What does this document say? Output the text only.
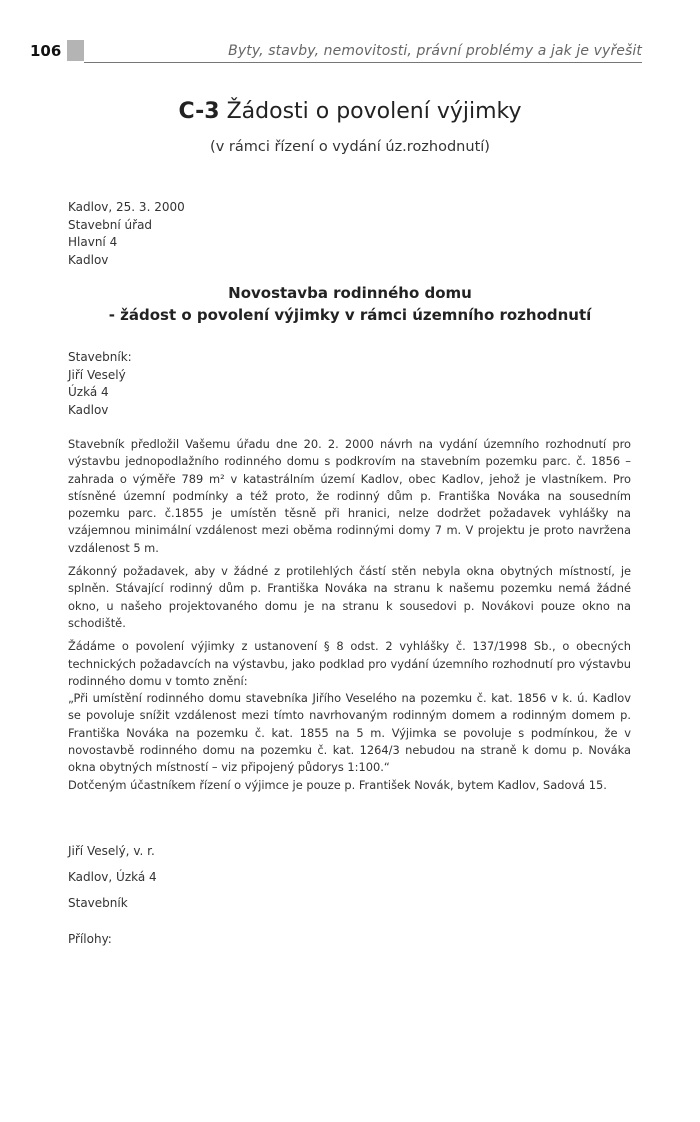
106	Byty, stavby, nemovitosti, právní problémy a jak je vyřešit
C-3 Žádosti o povolení výjimky
(v rámci řízení o vydání úz.rozhodnutí)
Kadlov, 25. 3. 2000
Stavební úřad
Hlavní 4
Kadlov
Novostavba rodinného domu
- žádost o povolení výjimky v rámci územního rozhodnutí
Stavebník:
Jiří Veselý
Úzká 4
Kadlov

Stavebník předložil Vašemu úřadu dne 20. 2. 2000 návrh na vydání územního rozhodnutí pro výstavbu jednopodlažního rodinného domu s podkrovím na stavebním pozemku parc. č. 1856 – zahrada o výměře 789 m² v katastrálním území Kadlov, obec Kadlov, jehož je vlastníkem. Pro stísněné územní podmínky a též proto, že rodinný dům p. Františka Nováka na sousedním pozemku parc. č.1855 je umístěn těsně při hranici, nelze dodržet požadavek vyhlášky na vzájemnou minimální vzdálenost mezi oběma rodinnými domy 7 m. V projektu je proto navržena vzdálenost 5 m.

Zákonný požadavek, aby v žádné z protilehlých částí stěn nebyla okna obytných místností, je splněn. Stávající rodinný dům p. Františka Nováka na stranu k našemu pozemku nemá žádné okno, u našeho projektovaného domu je na stranu k sousedovi p. Novákovi pouze okno na schodiště.

Žádáme o povolení výjimky z ustanovení § 8 odst. 2 vyhlášky č. 137/1998 Sb., o obecných technických požadavcích na výstavbu, jako podklad pro vydání územního rozhodnutí pro výstavbu rodinného domu v tomto znění:

„Při umístění rodinného domu stavebníka Jiřího Veselého na pozemku č. kat. 1856 v k. ú. Kadlov se povoluje snížit vzdálenost mezi tímto navrhovaným rodinným domem a rodinným domem p. Františka Nováka na pozemku č. kat. 1855 na 5 m. Výjimka se povoluje s podmínkou, že v novostavbě rodinného domu na pozemku č. kat. 1264/3 nebudou na straně k domu p. Nováka okna obytných místností – viz připojený půdorys 1:100.“

Dotčeným účastníkem řízení o výjimce je pouze p. František Novák, bytem Kadlov, Sadová 15.

Jiří Veselý, v. r.
Kadlov, Úzká 4
Stavebník
Přílohy:
